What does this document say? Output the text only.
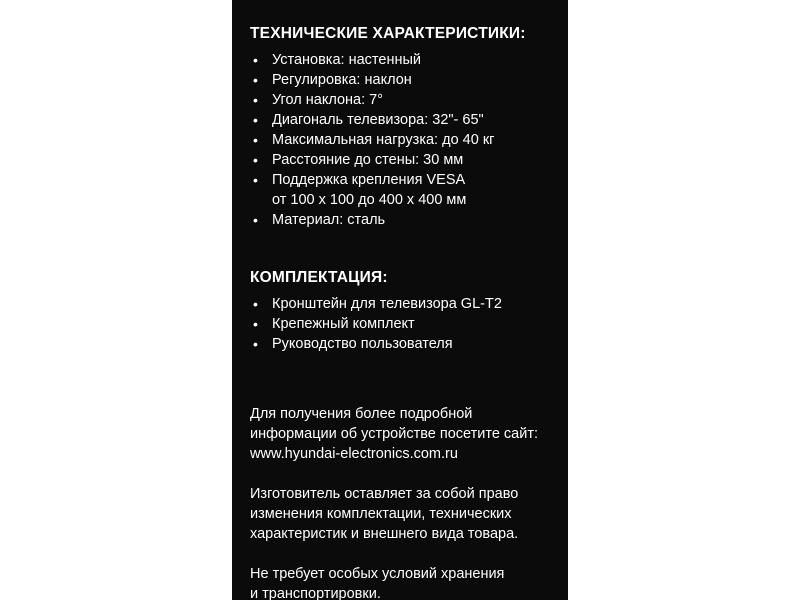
ТЕХНИЧЕСКИЕ ХАРАКТЕРИСТИКИ:
• Установка: настенный
• Регулировка: наклон
• Угол наклона: 7°
• Диагональ телевизора: 32"- 65"
• Максимальная нагрузка: до 40 кг
• Расстояние до стены: 30 мм
• Поддержка крепления VESA
от 100 х 100 до 400 х 400 мм
• Материал: сталь
КОМПЛЕКТАЦИЯ:
• Кронштейн для телевизора GL-T2
• Крепежный комплект
• Руководство пользователя

Для получения более подробной
информации об устройстве посетите сайт:
www.hyundai-electronics.com.ru

Изготовитель оставляет за собой право
изменения комплектации, технических
характеристик и внешнего вида товара.

Не требует особых условий хранения
и транспортировки.
